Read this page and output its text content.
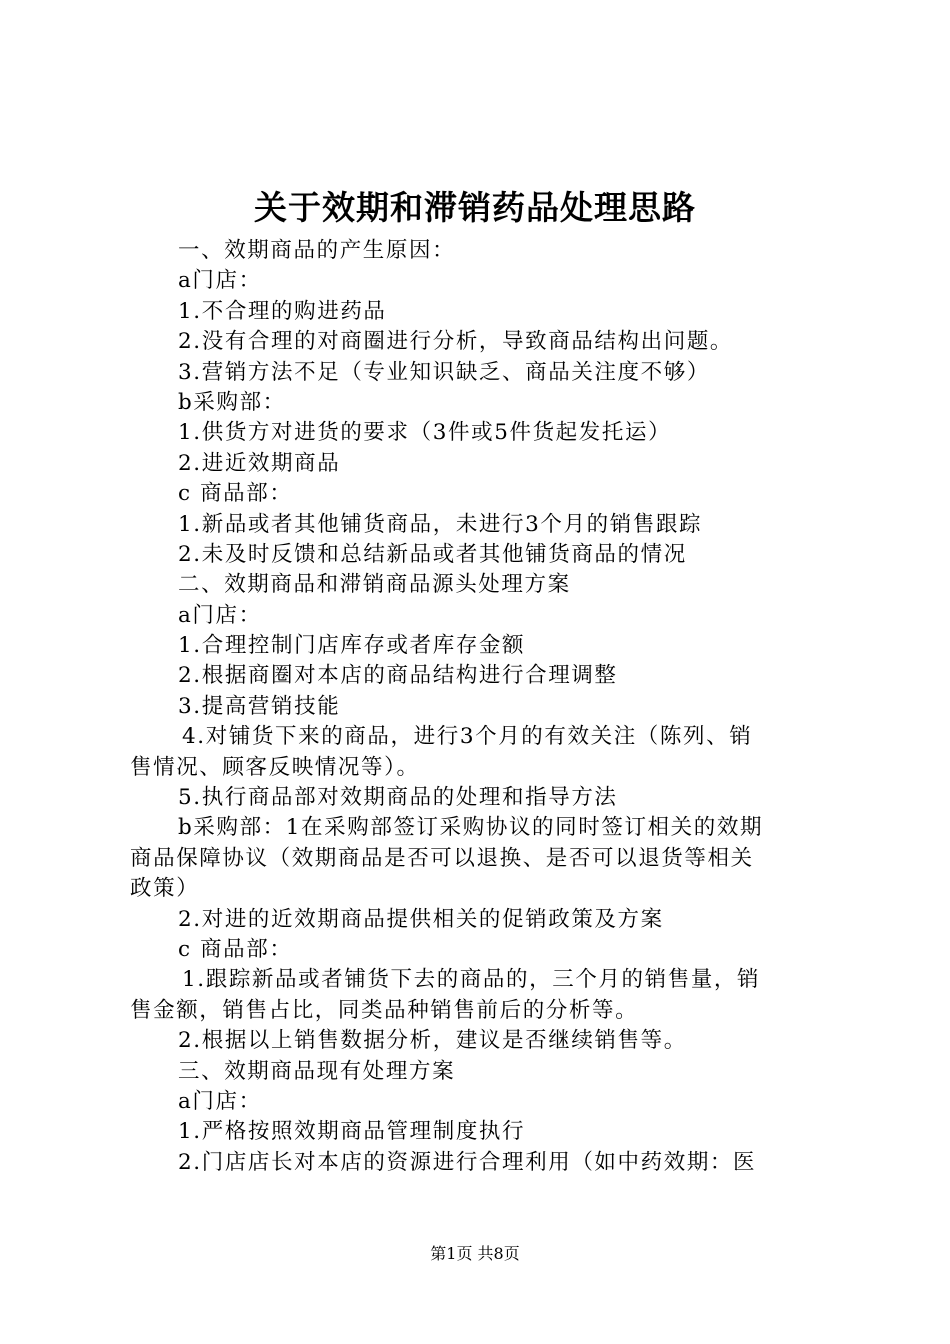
关于效期和滞销药品处理思路
一、效期商品的产生原因：
a门店：
1.不合理的购进药品
2.没有合理的对商圈进行分析，导致商品结构出问题。
3.营销方法不足（专业知识缺乏、商品关注度不够）
b采购部：
1.供货方对进货的要求（3件或5件货起发托运）
2.进近效期商品
c 商品部：
1.新品或者其他铺货商品，未进行3个月的销售跟踪
2.未及时反馈和总结新品或者其他铺货商品的情况
二、效期商品和滞销商品源头处理方案
a门店：
1.合理控制门店库存或者库存金额
2.根据商圈对本店的商品结构进行合理调整
3.提高营销技能
4.对铺货下来的商品，进行3个月的有效关注（陈列、销
售情况、顾客反映情况等）。
5.执行商品部对效期商品的处理和指导方法
b采购部：1在采购部签订采购协议的同时签订相关的效期
商品保障协议（效期商品是否可以退换、是否可以退货等相关
政策）
2.对进的近效期商品提供相关的促销政策及方案
c 商品部：
1.跟踪新品或者铺货下去的商品的，三个月的销售量，销
售金额，销售占比，同类品种销售前后的分析等。
2.根据以上销售数据分析，建议是否继续销售等。
三、效期商品现有处理方案
a门店：
1.严格按照效期商品管理制度执行
2.门店店长对本店的资源进行合理利用（如中药效期：医
第1页 共8页
